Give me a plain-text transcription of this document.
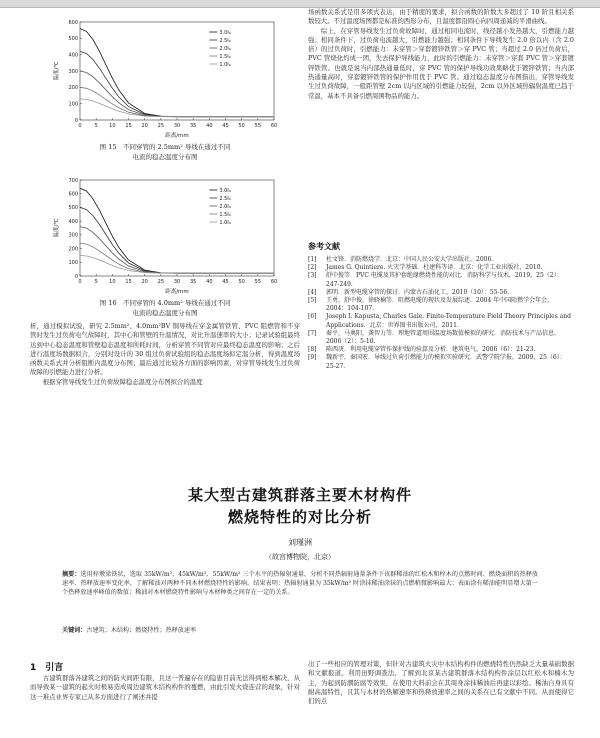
0	5 10 15 20 25 30 35 40 45 50 55 60
0
100
200
300
400
500
600
距离/mm
温度/℃
3.0I₀
2.5I₀
2.0I₀
1.5I₀
1.0I₀
图 15　不同穿管的 2.5mm² 导线在通过不同
电流的稳态温度分布图
0	5 10 15 20 25 30 35 40 45 50 55 60
0
100
200
300
400
500
600
700
距离/mm
温度/℃
3.0I₀
2.5I₀
2.0I₀
1.5I₀
1.0I₀
图 16　不同穿管的 4.0mm² 导线在通过不同
电流的稳态温度分布图

析，通过模拟试验，研究 2.5mm²、4.0mm²BV 铜导线在穿金属管铁管、PVC 阻燃管和不穿管时发生过负荷电气故障时，其中心和管壁的升温情况，对比升温速率的大小；记录试验组最终达到中心稳态温度和管壁稳态温度和所耗时间，分析穿管不同管对应最终稳态温度的影响；之后进行温度场数据拟合，分别对设计的 30 组过负荷试验组的稳态温度场拟定温分析，得到温度场函数关系式并分析阻断内温度分布图；最后通过比较各方面的影响因素，对穿管导线发生过负荷故障的引燃能力进行分析。

根据穿管导线发生过负荷故障稳态温度分布图拟合的温度

场函数关系式是用多项式表达，由于精度的要求，拟合函数的阶数大多超过了 10 阶且相关系数较大。不过温度场图都是标准的西形分布，且温度都沿圆心向四周递减的平滑曲线。

综上，在穿管导线发生过负荷故障时，通过相同电流时，线径越小发热越大，引燃能力越强；相同条件下，过负荷电流越大，引燃能力越强；相同条件下导线发生 2.0 倍以内（含 2.0 倍）的过负荷时，引燃能力：未穿管＞穿套镀锌铁管＞穿 PVC 管；当超过 2.0 倍过负荷后，PVC 管烧化灼成一团，失去保护导线能力，此时的引燃能力：未穿管＞穿套 PVC 管＞穿套镀锌铁管。也就是说当内部热通量低时，穿 PVC 管的保护导线功效果略优于镀锌铁管；当内部热通量高时，穿套镀锌铁管的保护作用优于 PVC 管。通过稳态温度分布图指出，穿管导线发生过负荷故障，一般距管壁 2cm 以内区域的引燃能力较强，2cm 以外区域热辐射温度已趋于常温，基本不具备引燃周围物品的能力。

参考文献
[1]	杜文锋．消防燃烧学．北京：中国人民公安大学出版社，2006.
[2]	James G. Quintiere. 火灾学基础．杜建科等译．北京：化学工业出版社，2010.
[3]	舒中俊等．PVC 电缆及其护套绝缘燃烧性能的对比．消防科学与技术，2019，25（2）：247-249.
[4]	郭明．新型电缆穿管的探讨．内蒙古石油化工，2010（10）：55-56.
[5]	王勇，舒中俊，徐晓楠等．阻燃电缆的现状及发展综述．2004 年中国阻燃学会年会，2004：104-107.
[6]	Joseph I. Kapusta, Charles Gale. Finite-Temperature Field Theory Principles and Applications．北京：世界图书出版公司，2011.
[7]	秦平，马奥阳，龚智力等．埋地管道周围温度场数值模拟的研究．消防技术与产品信息，2006（2）：5-10.
[8]	陈西庚．利用电缆穿管作保护线的验算及分析．建筑电气，2006（6）：21-23.
[9]	魏新宇，秦国宏．导线过负荷引燃能力的模拟实验研究．武警学院学报，2009，25（6）：25-27.
某大型古建筑群落主要木材构件
燃烧特性的对比分析
刘瑾洲
（故宫博物院，北京）
摘要：选用梓墩梁铁状，选取 35kW/m²、45kW/m²、55kW/m² 三个水平的热辐射通量，分析不同热辐射通量条件下该群稀油的红松木和梓木的点燃时间、燃烧面积的热释放速率、热释放速率变化率，了解稀油对两种不同木材燃烧特性的影响。结果表明：热辐射通量为 35kW/m² 时涂抹稀油涂抹的点燃稍微影响最大；表面涂有稀油能明显增大第一个热释放速率峰值的数值；稀油对木材燃烧特性影响与木材种类之间存在一定的关系。
关键词：古建筑；木结构；燃烧特性；热释放速率
1　引言

古建筑群落各建筑之间的防火间距有限，且这一普遍存在的隐患目前无法得到根本解决，从而导致某一建筑的起火时极易造成周边建筑木结构构件的蔓燃，由此引发火烧连营的现象，针对这一难点业界专家已从多方面进行了阐述并提

出了一些相应的管理对策，但针对古建筑火灾中木结构构件的燃烧特性仍然缺乏大量基础数据和文献报道。利用田野调查法，了解到北京某古建筑群落木结构构件涂层以红松木和楠木为主，为起到防潮防腐等效果，在使用大料前会在其周身涂抹稀油后再建以彩绘。稀油自身具有耐高温特性，且其与木材的热解速率和热释放速率之间的关系在已有文献中不同。从而使得它们的点
